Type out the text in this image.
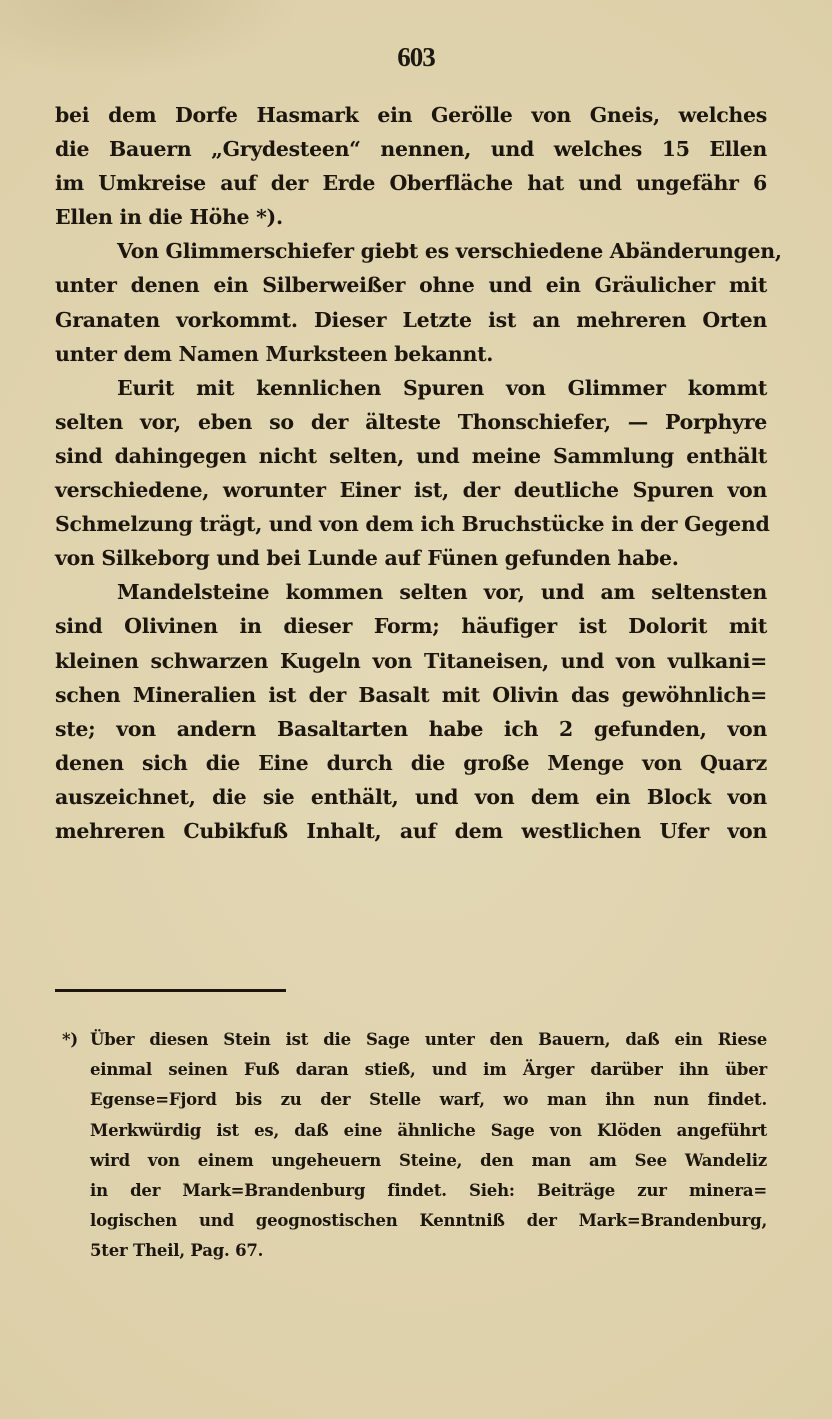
603
bei dem Dorfe Hasmark ein Gerölle von Gneis, welches
die Bauern „Grydesteen“ nennen, und welches 15 Ellen
im Umkreise auf der Erde Oberfläche hat und ungefähr 6
Ellen in die Höhe *).
Von Glimmerschiefer giebt es verschiedene Abänderungen,
unter denen ein Silberweißer ohne und ein Gräulicher mit
Granaten vorkommt. Dieser Letzte ist an mehreren Orten
unter dem Namen Murksteen bekannt.
Eurit mit kennlichen Spuren von Glimmer kommt
selten vor, eben so der älteste Thonschiefer, — Porphyre
sind dahingegen nicht selten, und meine Sammlung enthält
verschiedene, worunter Einer ist, der deutliche Spuren von
Schmelzung trägt, und von dem ich Bruchstücke in der Gegend
von Silkeborg und bei Lunde auf Fünen gefunden habe.
Mandelsteine kommen selten vor, und am seltensten
sind Olivinen in dieser Form; häufiger ist Dolorit mit
kleinen schwarzen Kugeln von Titaneisen, und von vulkani=
schen Mineralien ist der Basalt mit Olivin das gewöhnlich=
ste; von andern Basaltarten habe ich 2 gefunden, von
denen sich die Eine durch die große Menge von Quarz
auszeichnet, die sie enthält, und von dem ein Block von
mehreren Cubikfuß Inhalt, auf dem westlichen Ufer von
*) Über diesen Stein ist die Sage unter den Bauern, daß ein Riese
einmal seinen Fuß daran stieß, und im Ärger darüber ihn über
Egense=Fjord bis zu der Stelle warf, wo man ihn nun findet.
Merkwürdig ist es, daß eine ähnliche Sage von Klöden angeführt
wird von einem ungeheuern Steine, den man am See Wandeliz
in der Mark=Brandenburg findet. Sieh: Beiträge zur minera=
logischen und geognostischen Kenntniß der Mark=Brandenburg,
5ter Theil, Pag. 67.
